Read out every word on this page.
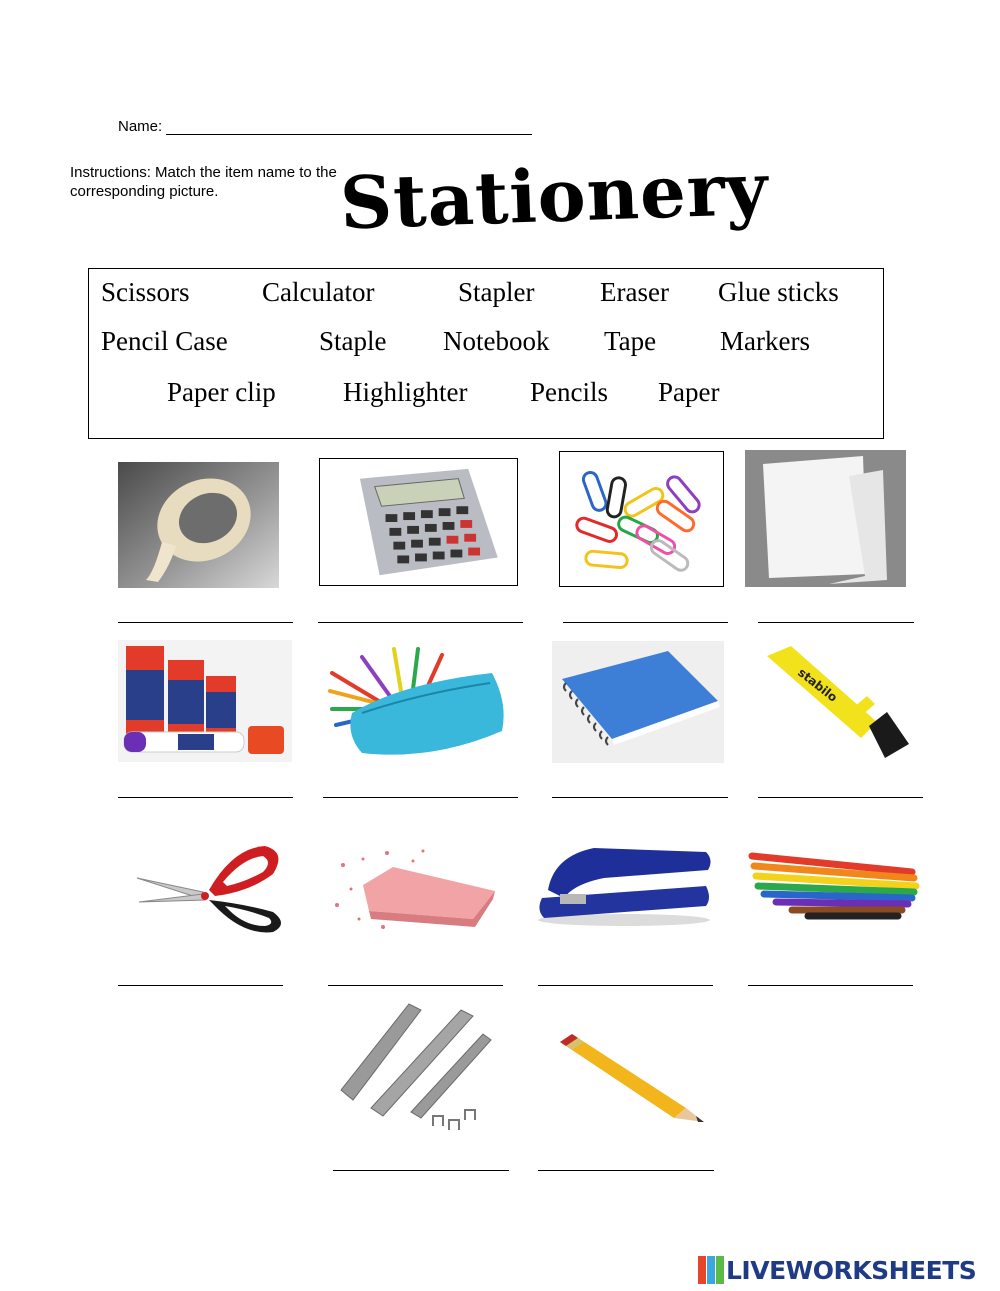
Name:
Instructions: Match the item name to the corresponding picture.	Stationery
Scissors	Calculator	Stapler Eraser Glue sticks
Pencil Case	Staple Notebook Tape Markers
Paper clip Highlighter Pencils Paper
stabilo
LIVEWORKSHEETS
